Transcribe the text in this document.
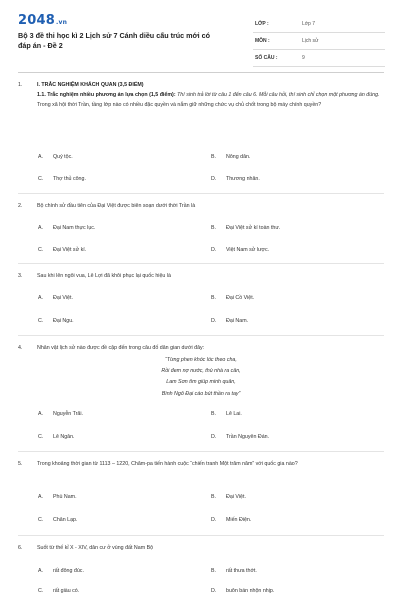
2048.vn
Bộ 3 đề thi học kì 2 Lịch sử 7 Cánh diều cấu trúc mới có đáp án - Đề 2
LỚP :	Lớp 7
MÔN :	Lịch sử
SỐ CÂU :	9
1.	I. TRẮC NGHIỆM KHÁCH QUAN (3,5 ĐIỂM)
1.1. Trắc nghiệm nhiều phương án lựa chọn (1,5 điểm): Thí sinh trả lời từ câu 1 đến câu 6. Mỗi câu hỏi, thí sinh chỉ chọn một phương án đúng.
Trong xã hội thời Trần, tầng lớp nào có nhiều đặc quyền và nắm giữ những chức vụ chủ chốt trong bộ máy chính quyền?
A. Quý tộc.	B. Nông dân.
C. Thợ thủ công.	D. Thương nhân.
2.	Bộ chính sử đầu tiên của Đại Việt được biên soạn dưới thời Trần là
A. Đại Nam thực lục.	B. Đại Việt sử kí toàn thư.
C. Đại Việt sử kí.	D. Việt Nam sử lược.
3.	Sau khi lên ngôi vua, Lê Lợi đã khôi phục lại quốc hiệu là
A. Đại Việt.	B. Đại Cồ Việt.
C. Đại Ngu.	D. Đại Nam.
4.	Nhân vật lịch sử nào được đề cập đến trong câu đố dân gian dưới đây:
“Từng phen khóc lóc theo cha,
Rồi đem nợ nước, thù nhà ra cân,
Lam Sơn tìm giúp minh quân,
Bình Ngô Đại cáo bút thần ra tay”
A. Nguyễn Trãi.	B. Lê Lai.
C. Lê Ngân.	D. Trần Nguyên Đán.
5.	Trong khoảng thời gian từ 1113 – 1220, Chăm-pa tiến hành cuộc “chiến tranh Một trăm năm” với quốc gia nào?
A. Phù Nam.	B. Đại Việt.
C. Chân Lạp.	D. Miến Điện.
6.	Suốt từ thế kỉ X - XIV, dân cư ở vùng đất Nam Bộ
A. rất đông đúc.	B. rất thưa thớt.
C. rất giàu có.	D. buôn bán nhộn nhịp.
